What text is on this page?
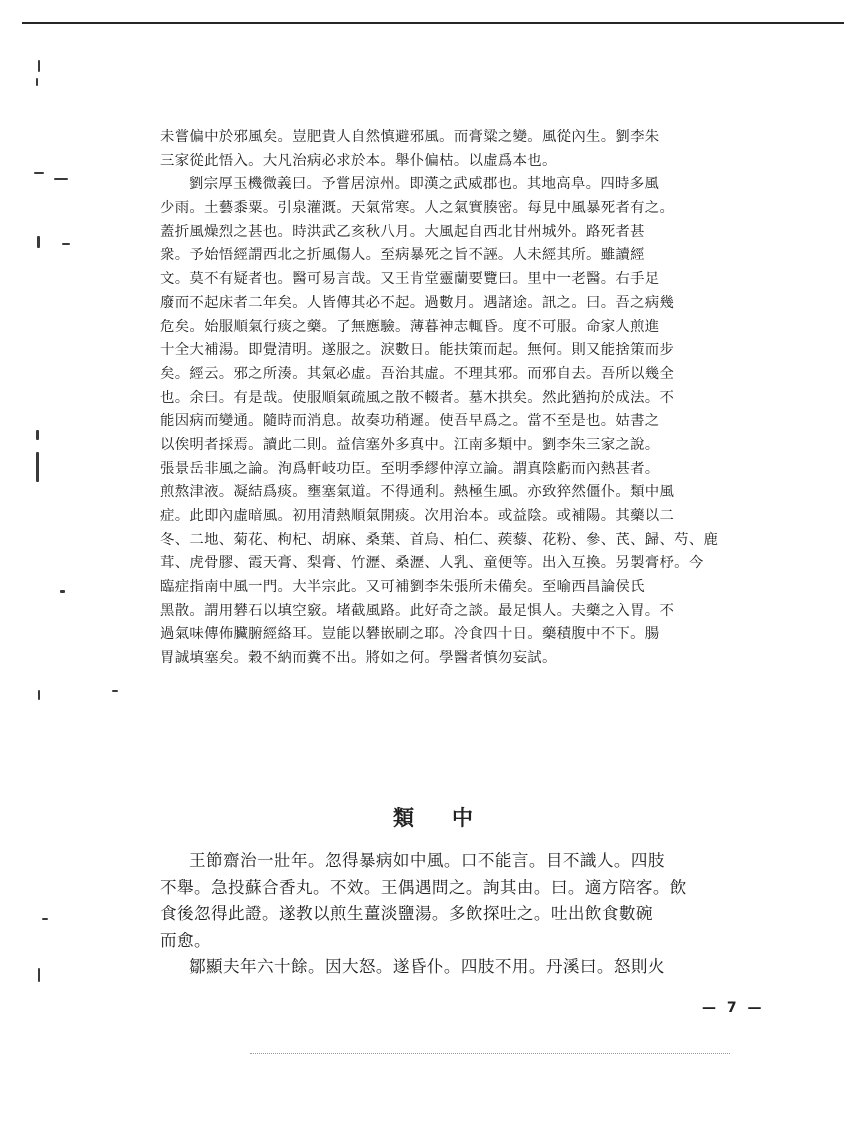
未嘗偏中於邪風矣。豈肥貴人自然慎避邪風。而膏粱之變。風從內生。劉李朱
三家從此悟入。大凡治病必求於本。舉仆偏枯。以虛爲本也。
劉宗厚玉機微義曰。予嘗居涼州。即漢之武威郡也。其地高阜。四時多風
少雨。土藝黍粟。引泉灌溉。天氣常寒。人之氣實腠密。每見中風暴死者有之。
蓋折風燥烈之甚也。時洪武乙亥秋八月。大風起自西北甘州城外。路死者甚
衆。予始悟經謂西北之折風傷人。至病暴死之旨不誣。人未經其所。雖讀經
文。莫不有疑者也。醫可易言哉。又王肯堂靈蘭要覽曰。里中一老醫。右手足
廢而不起床者二年矣。人皆傳其必不起。過數月。遇諸途。訊之。曰。吾之病幾
危矣。始服順氣行痰之藥。了無應驗。薄暮神志輒昏。度不可服。命家人煎進
十全大補湯。即覺清明。遂服之。淚數日。能扶策而起。無何。則又能捨策而步
矣。經云。邪之所湊。其氣必虛。吾治其虛。不理其邪。而邪自去。吾所以幾全
也。余曰。有是哉。使服順氣疏風之散不輟者。墓木拱矣。然此猶拘於成法。不
能因病而變通。隨時而消息。故奏功稍遲。使吾早爲之。當不至是也。姑書之
以俟明者採焉。讀此二則。益信塞外多真中。江南多類中。劉李朱三家之說。
張景岳非風之論。洵爲軒岐功臣。至明季繆仲淳立論。謂真陰虧而內熱甚者。
煎熬津液。凝結爲痰。壅塞氣道。不得通利。熱極生風。亦致猝然僵仆。類中風
症。此即內虛暗風。初用清熱順氣開痰。次用治本。或益陰。或補陽。其藥以二
冬、二地、菊花、枸杞、胡麻、桑葉、首烏、柏仁、蒺藜、花粉、參、芪、歸、芍、鹿
茸、虎骨膠、霞天膏、梨膏、竹瀝、桑瀝、人乳、童便等。出入互換。另製膏杼。今
臨症指南中風一門。大半宗此。又可補劉李朱張所未備矣。至喻西昌論侯氏
黑散。謂用礬石以填空竅。堵截風路。此好奇之談。最足惧人。夫藥之入胃。不
過氣味傳佈臟腑經絡耳。豈能以礬嵌刷之耶。冷食四十日。藥積腹中不下。腸
胃誠填塞矣。穀不納而糞不出。將如之何。學醫者慎勿妄試。
類中
王節齋治一壯年。忽得暴病如中風。口不能言。目不識人。四肢
不舉。急投蘇合香丸。不效。王偶遇問之。詢其由。曰。適方陪客。飲
食後忽得此證。遂教以煎生薑淡鹽湯。多飲探吐之。吐出飲食數碗
而愈。
鄒顯夫年六十餘。因大怒。遂昏仆。四肢不用。丹溪曰。怒則火
— 7 —
